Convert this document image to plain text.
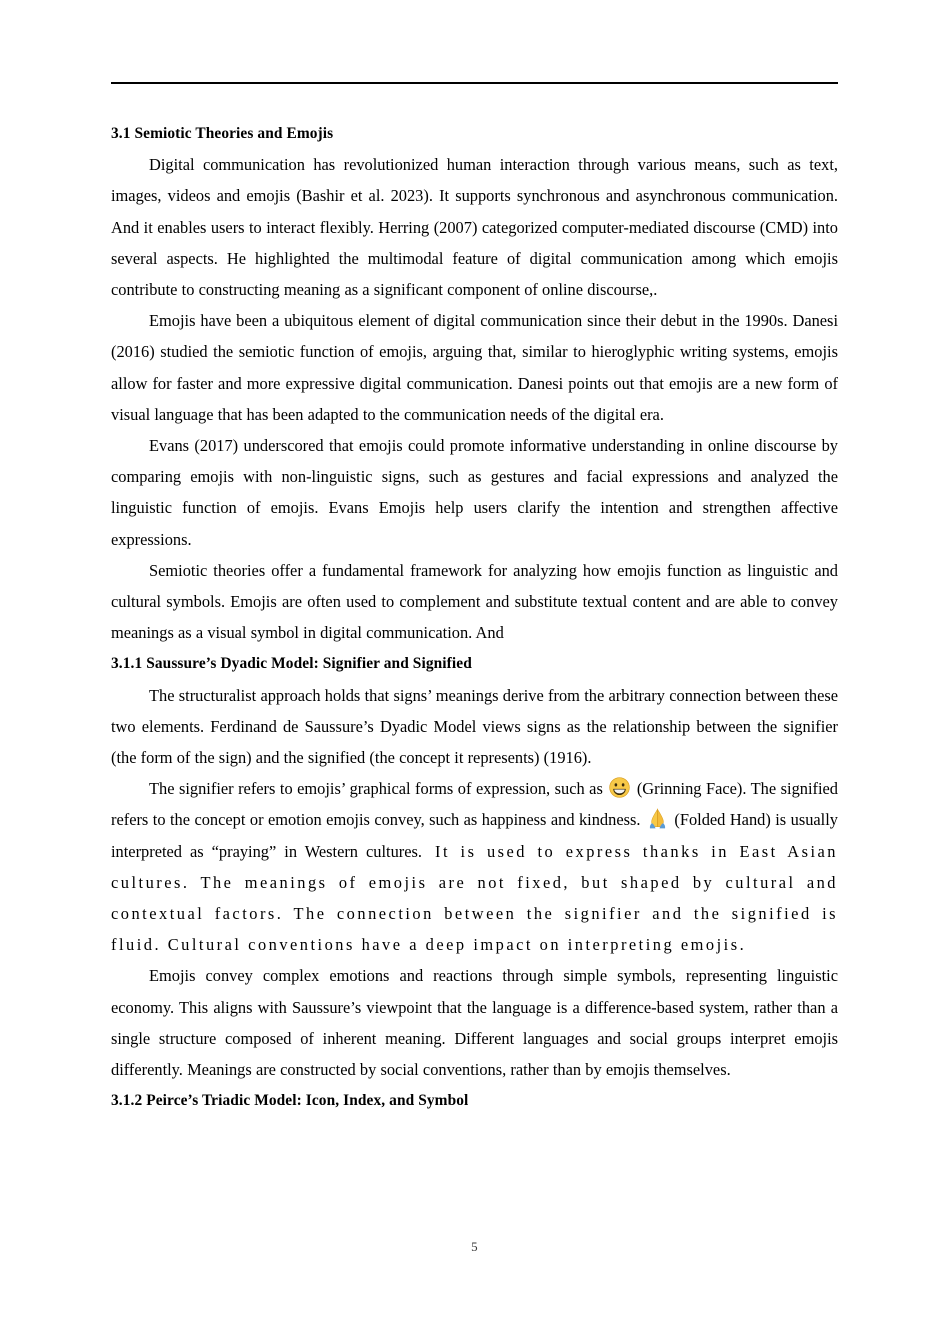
3.1 Semiotic Theories and Emojis

Digital communication has revolutionized human interaction through various means, such as text, images, videos and emojis (Bashir et al. 2023). It supports synchronous and asynchronous communication. And it enables users to interact flexibly. Herring (2007) categorized computer-mediated discourse (CMD) into several aspects. He highlighted the multimodal feature of digital communication among which emojis contribute to constructing meaning as a significant component of online discourse,.

Emojis have been a ubiquitous element of digital communication since their debut in the 1990s. Danesi (2016) studied the semiotic function of emojis, arguing that, similar to hieroglyphic writing systems, emojis allow for faster and more expressive digital communication. Danesi points out that emojis are a new form of visual language that has been adapted to the communication needs of the digital era.

Evans (2017) underscored that emojis could promote informative understanding in online discourse by comparing emojis with non-linguistic signs, such as gestures and facial expressions and analyzed the linguistic function of emojis. Evans Emojis help users clarify the intention and strengthen affective expressions.

Semiotic theories offer a fundamental framework for analyzing how emojis function as linguistic and cultural symbols. Emojis are often used to complement and substitute textual content and are able to convey meanings as a visual symbol in digital communication. And

3.1.1 Saussure’s Dyadic Model: Signifier and Signified

The structuralist approach holds that signs’ meanings derive from the arbitrary connection between these two elements. Ferdinand de Saussure’s Dyadic Model views signs as the relationship between the signifier (the form of the sign) and the signified (the concept it represents) (1916).

The signifier refers to emojis’ graphical forms of expression, such as
(Grinning Face). The signified refers to the concept or emotion emojis convey, such as happiness and kindness.
(Folded Hand) is usually interpreted as “praying” in Western cultures. It is used to express thanks in East Asian cultures. The meanings of emojis are not fixed, but shaped by cultural and contextual factors. The connection between the signifier and the signified is fluid. Cultural conventions have a deep impact on interpreting emojis.

Emojis convey complex emotions and reactions through simple symbols, representing linguistic economy. This aligns with Saussure’s viewpoint that the language is a difference-based system, rather than a single structure composed of inherent meaning. Different languages and social groups interpret emojis differently. Meanings are constructed by social conventions, rather than by emojis themselves.

3.1.2 Peirce’s Triadic Model: Icon, Index, and Symbol
5
